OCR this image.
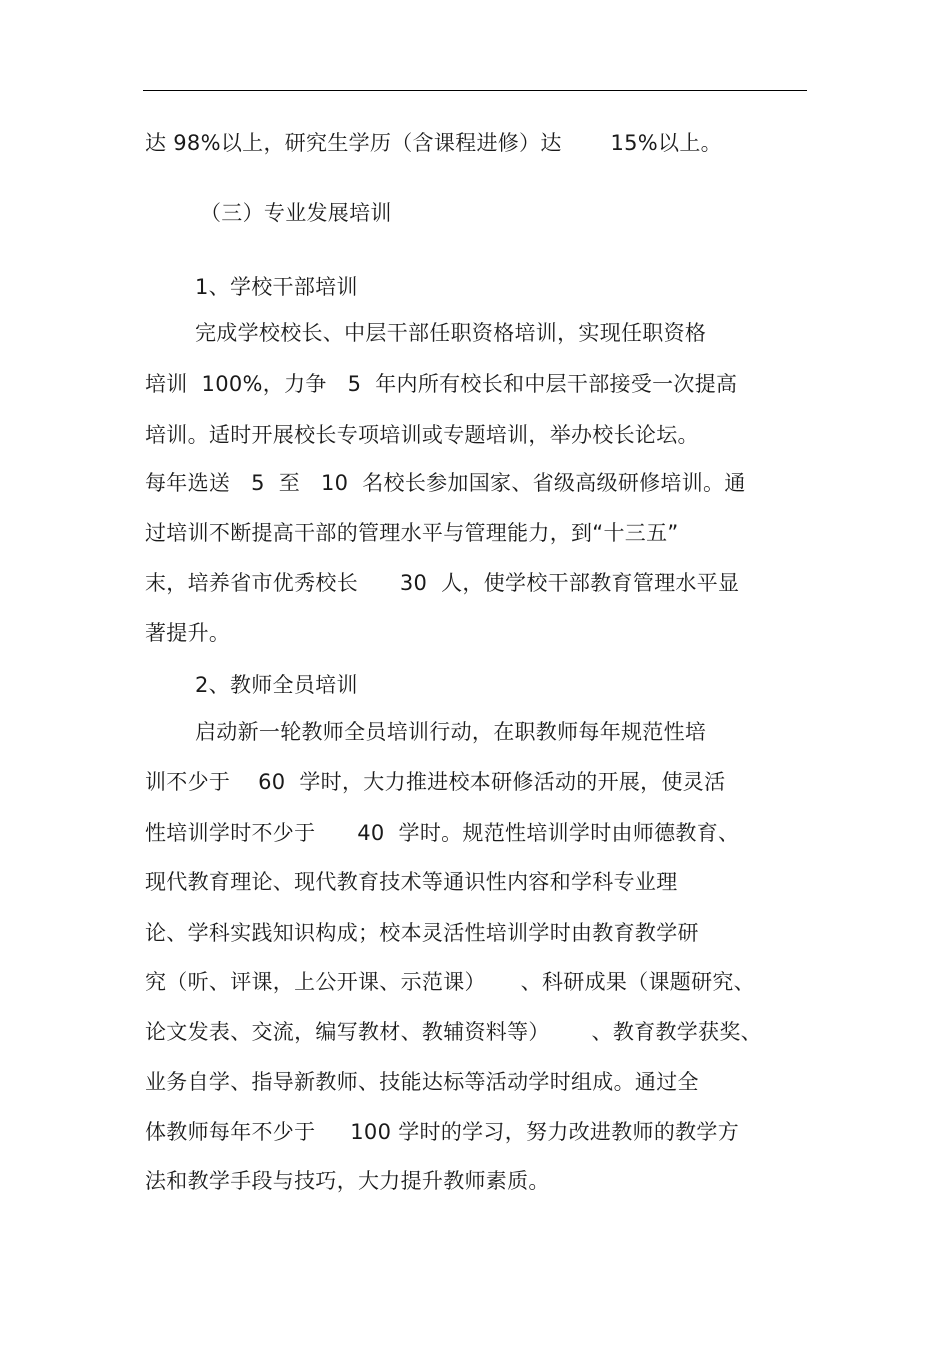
达 98%以上，研究生学历（含课程进修）达       15%以上。
（三）专业发展培训
1、学校干部培训
完成学校校长、中层干部任职资格培训，实现任职资格
培训  100%，力争   5  年内所有校长和中层干部接受一次提高
培训。适时开展校长专项培训或专题培训，举办校长论坛。
每年选送   5  至   10  名校长参加国家、省级高级研修培训。通
过培训不断提高干部的管理水平与管理能力，到“十三五”
末，培养省市优秀校长      30  人，使学校干部教育管理水平显
著提升。
2、教师全员培训
启动新一轮教师全员培训行动，在职教师每年规范性培
训不少于    60  学时，大力推进校本研修活动的开展，使灵活
性培训学时不少于      40  学时。规范性培训学时由师德教育、
现代教育理论、现代教育技术等通识性内容和学科专业理
论、学科实践知识构成；校本灵活性培训学时由教育教学研
究（听、评课，上公开课、示范课）     、科研成果（课题研究、
论文发表、交流，编写教材、教辅资料等）      、教育教学获奖、
业务自学、指导新教师、技能达标等活动学时组成。通过全
体教师每年不少于     100 学时的学习，努力改进教师的教学方
法和教学手段与技巧，大力提升教师素质。
